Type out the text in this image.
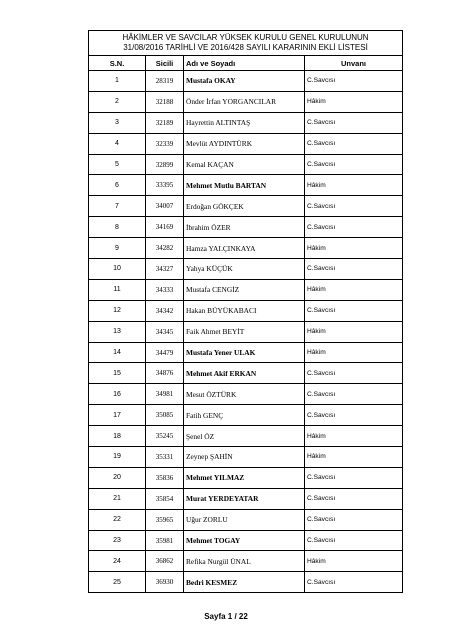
HÂKİMLER VE SAVCILAR YÜKSEK KURULU GENEL KURULUNUN
31/08/2016 TARİHLİ VE 2016/428 SAYILI KARARININ EKLİ LİSTESİ			

S.N.	Sicili	Adı ve Soyadı	Unvanı
1	28319	Mustafa OKAY	C.Savcısı
2	32188	Önder İrfan YORGANCILAR	Hâkim
3	32189	Hayrettin ALTINTAŞ	C.Savcısı
4	32339	Mevlüt AYDINTÜRK	C.Savcısı
5	32899	Kemal KAÇAN	C.Savcısı
6	33395	Mehmet Mutlu BARTAN	Hâkim
7	34007	Erdoğan GÖKÇEK	C.Savcısı
8	34169	İbrahim ÖZER	C.Savcısı
9	34282	Hamza YALÇINKAYA	Hâkim
10	34327	Yahya KÜÇÜK	C.Savcısı
11	34333	Mustafa CENGİZ	Hâkim
12	34342	Hakan BÜYÜKABACI	C.Savcısı
13	34345	Faik Ahmet BEYİT	Hâkim
14	34479	Mustafa Yener ULAK	Hâkim
15	34876	Mehmet Akif ERKAN	C.Savcısı
16	34981	Mesut ÖZTÜRK	C.Savcısı
17	35085	Fatih GENÇ	C.Savcısı
18	35245	Şenel ÖZ	Hâkim
19	35331	Zeynep ŞAHİN	Hâkim
20	35836	Mehmet YILMAZ	C.Savcısı
21	35854	Murat YERDEYATAR	C.Savcısı
22	35965	Uğur ZORLU	C.Savcısı
23	35981	Mehmet TOGAY	C.Savcısı
24	36862	Refika Nurgül ÜNAL	Hâkim
25	36930	Bedri KESMEZ	C.Savcısı
Sayfa 1 / 22
